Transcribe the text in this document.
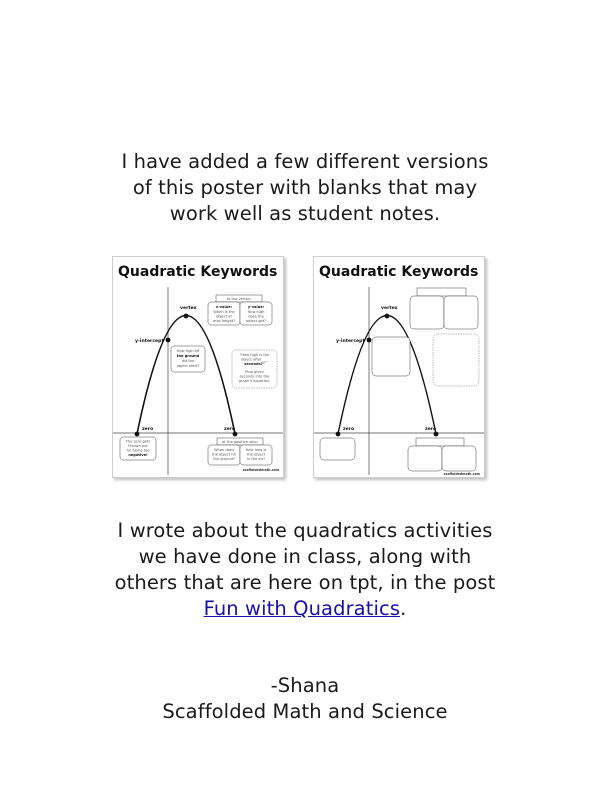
I have added a few different versions
of this poster with blanks that may
work well as student notes.
Quadratic Keywords
vertex
y-intercept
zero	zero
at the vertex:
x-value:
When is the
object at
max height?
y-value:
How high
does the
object get?
How high off
the ground
did the
object start?
"How high is the
object after ___
seconds?"
Plug given
seconds into the
graph's equation.
The zero gets
thrown out
for being too
negative!
at the positive zero:
When does
the object hit
the ground?
How long is
the object
in the air?
scaffoldedmath.com
Quadratic Keywords
vertex
y-intercept
zero	zero
scaffoldedmath.com
I wrote about the quadratics activities
we have done in class, along with
others that are here on tpt, in the post
Fun with Quadratics.
-Shana
Scaffolded Math and Science
